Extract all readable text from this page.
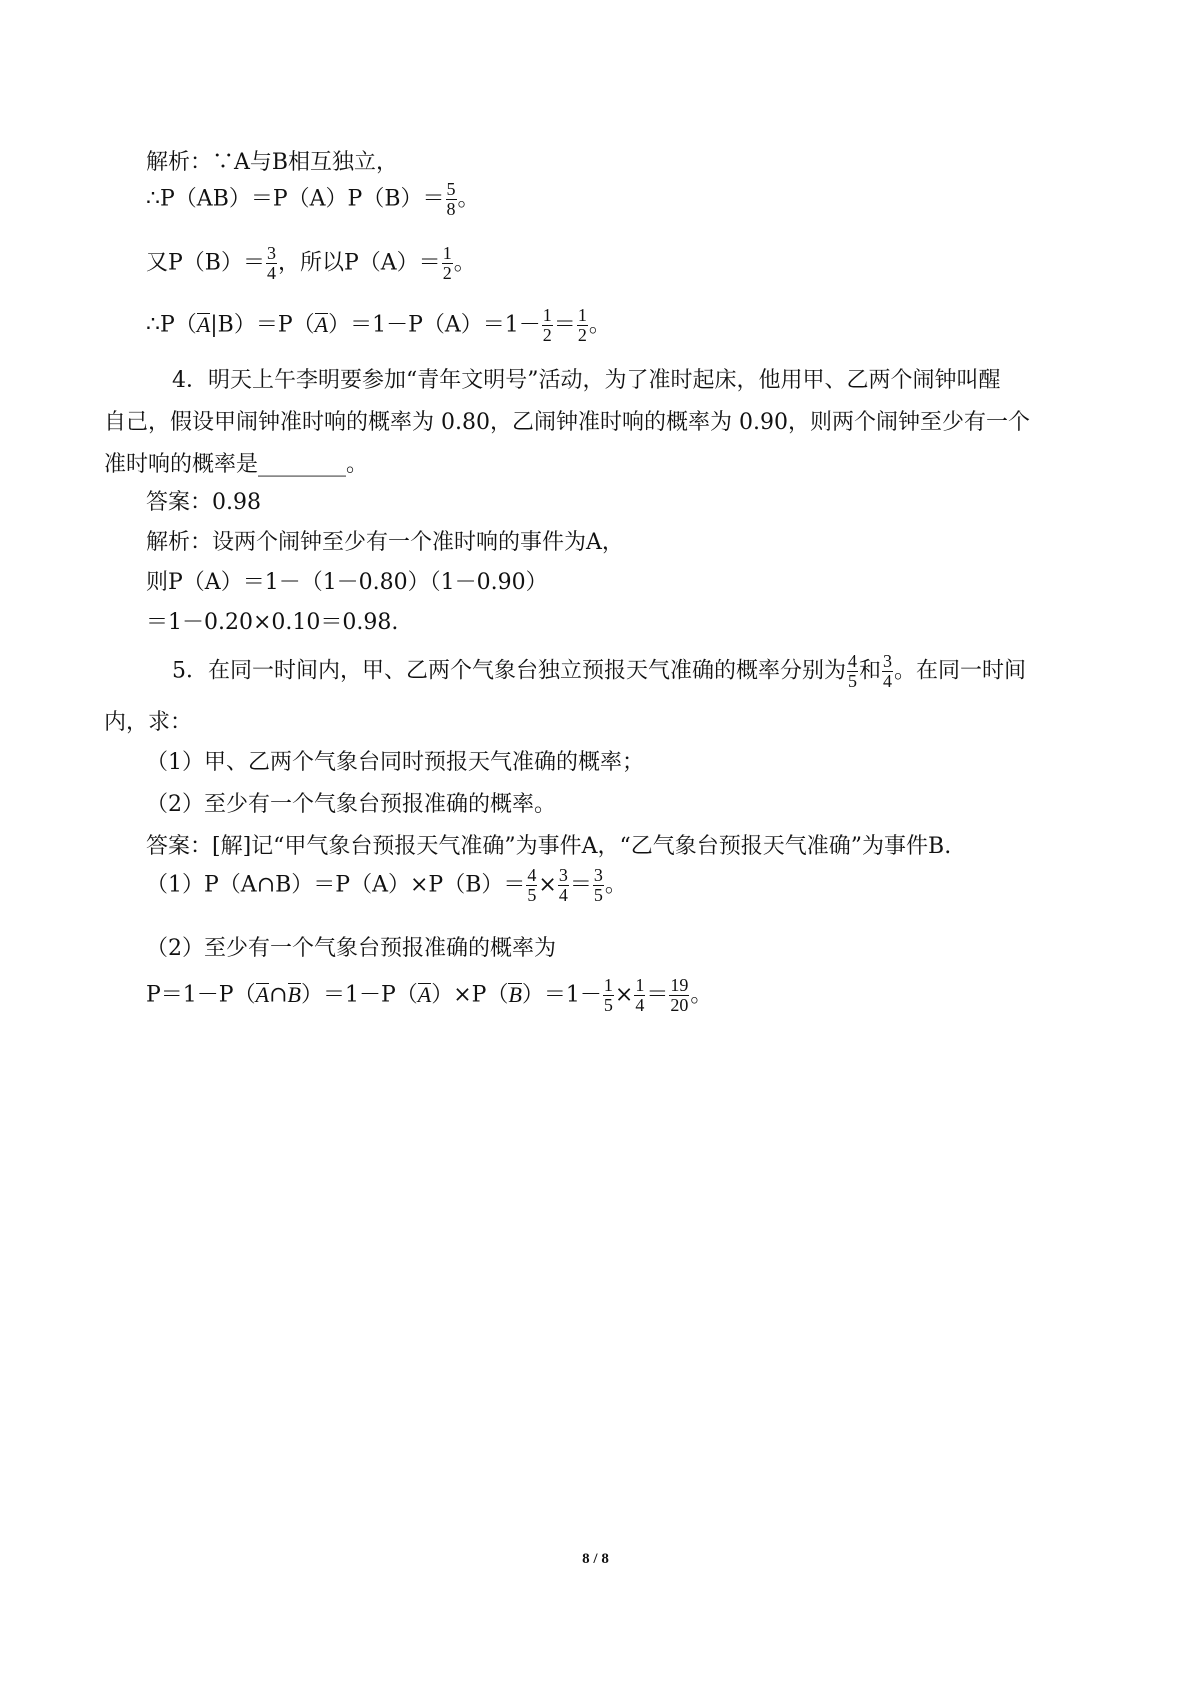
解析：∵A与B相互独立，
∴P（AB）＝P（A）P（B）＝ $\frac{5}{8}$ 。
又$P(B)= \frac{3}{4}$ ，所以$P(A)= \frac{1}{2}$ 。
∴P（A|B）＝P（A）＝1－P（A）＝1－ $\frac{1}{2} = \frac{1}{2}$ 。
4．明天上午李明要参加“青年文明号”活动，为了准时起床，他用甲、乙两个闹钟叫醒
自己，假设甲闹钟准时响的概率为 0.80，乙闹钟准时响的概率为 0.90，则两个闹钟至少有一个
准时响的概率是________。
答案：0.98
解析：设两个闹钟至少有一个准时响的事件为A，
则P（A）＝1－（1－0.80）（1－0.90）
＝1－0.20×0.10＝0.98.
5．在同一时间内，甲、乙两个气象台独立预报天气准确的概率分别为 $\frac{4}{5}$ 和 $\frac{3}{4}$ 。在同一时间
内，求：
（1）甲、乙两个气象台同时预报天气准确的概率；
（2）至少有一个气象台预报准确的概率。
答案：[解]记“甲气象台预报天气准确”为事件A，“乙气象台预报天气准确”为事件B.
（1）P（A∩B）＝P（A）×P（B）＝ $\frac{4}{5} \times \frac{3}{4} = \frac{3}{5}$ 。
（2）至少有一个气象台预报准确的概率为
P＝1－P（A∩B）＝1－P（A）×P（B）＝1－ $\frac{1}{5} \times \frac{1}{4} = \frac{19}{20}$ 。
8 / 8
